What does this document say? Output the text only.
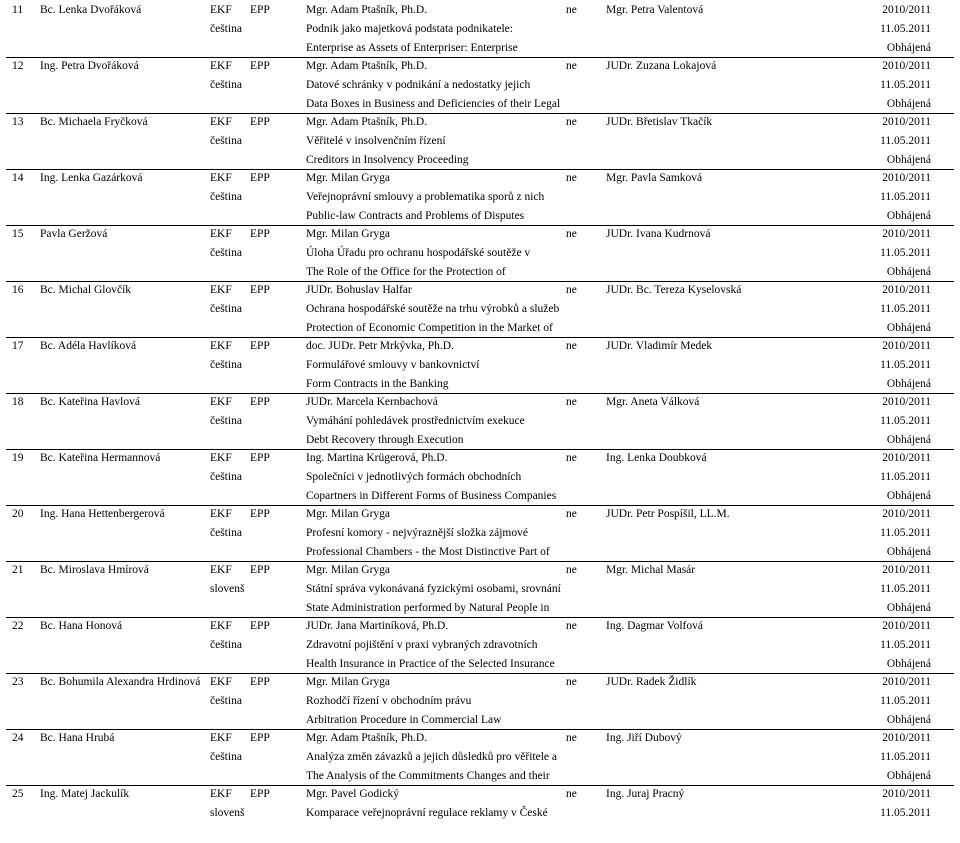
11 Bc. Lenka Dvořáková	EKF EPP	Mgr. Adam Ptašník, Ph.D.	ne	Mgr. Petra Valentová	2010/2011
čeština	Podnik jako majetková podstata podnikatele:	11.05.2011
Enterprise as Assets of Enterpriser: Enterprise	Obhájená
12 Ing. Petra Dvořáková	EKF EPP	Mgr. Adam Ptašník, Ph.D.	ne	JUDr. Zuzana Lokajová	2010/2011
čeština	Datové schránky v podnikání a nedostatky jejich	11.05.2011
Data Boxes in Business and Deficiencies of their Legal	Obhájená
13 Bc. Michaela Fryčková	EKF EPP	Mgr. Adam Ptašník, Ph.D.	ne	JUDr. Břetislav Tkačík	2010/2011
čeština	Věřitelé v insolvenčním řízení	11.05.2011
Creditors in Insolvency Proceeding	Obhájená
14 Ing. Lenka Gazárková	EKF EPP	Mgr. Milan Gryga	ne	Mgr. Pavla Samková	2010/2011
čeština	Veřejnoprávní smlouvy a problematika sporů z nich	11.05.2011
Public-law Contracts and Problems of Disputes	Obhájená
15 Pavla Geržová	EKF EPP	Mgr. Milan Gryga	ne	JUDr. Ivana Kudrnová	2010/2011
čeština	Úloha Úřadu pro ochranu hospodářské soutěže v	11.05.2011
The Role of the Office for the Protection of	Obhájená
16 Bc. Michal Glovčík	EKF EPP	JUDr. Bohuslav Halfar	ne	JUDr. Bc. Tereza Kyselovská	2010/2011
čeština	Ochrana hospodářské soutěže na trhu výrobků a služeb	11.05.2011
Protection of Economic Competition in the Market of	Obhájená
17 Bc. Adéla Havlíková	EKF EPP	doc. JUDr. Petr Mrkývka, Ph.D.	ne	JUDr. Vladimír Medek	2010/2011
čeština	Formulářové smlouvy v bankovnictví	11.05.2011
Form Contracts in the Banking	Obhájená
18 Bc. Kateřina Havlová	EKF EPP	JUDr. Marcela Kernbachová	ne	Mgr. Aneta Válková	2010/2011
čeština	Vymáhání pohledávek prostřednictvím exekuce	11.05.2011
Debt Recovery through Execution	Obhájená
19 Bc. Kateřina Hermannová	EKF EPP	Ing. Martina Krügerová, Ph.D.	ne	Ing. Lenka Doubková	2010/2011
čeština	Společníci v jednotlivých formách obchodních	11.05.2011
Copartners in Different Forms of Business Companies	Obhájená
20 Ing. Hana Hettenbergerová	EKF EPP	Mgr. Milan Gryga	ne	JUDr. Petr Pospíšil, LL.M.	2010/2011
čeština	Profesní komory - nejvýraznější složka zájmové	11.05.2011
Professional Chambers - the Most Distinctive Part of	Obhájená
21 Bc. Miroslava Hmírová	EKF EPP	Mgr. Milan Gryga	ne	Mgr. Michal Masár	2010/2011
slovenš	Státní správa vykonávaná fyzickými osobami, srovnání	11.05.2011
State Administration performed by Natural People in	Obhájená
22 Bc. Hana Honová	EKF EPP	JUDr. Jana Martiníková, Ph.D.	ne	Ing. Dagmar Volfová	2010/2011
čeština	Zdravotní pojištění v praxi vybraných zdravotních	11.05.2011
Health Insurance in Practice of the Selected Insurance	Obhájená
23 Bc. Bohumila Alexandra Hrdinová EKF EPP	Mgr. Milan Gryga	ne	JUDr. Radek Židlík	2010/2011
čeština	Rozhodčí řízení v obchodním právu	11.05.2011
Arbitration Procedure in Commercial Law	Obhájená
24 Bc. Hana Hrubá	EKF EPP	Mgr. Adam Ptašník, Ph.D.	ne	Ing. Jiří Dubový	2010/2011
čeština	Analýza změn závazků a jejich důsledků pro věřitele a	11.05.2011
The Analysis of the Commitments Changes and their	Obhájená
25 Ing. Matej Jackulík	EKF EPP	Mgr. Pavel Godický	ne	Ing. Juraj Pracný	2010/2011
slovenš	Komparace veřejnoprávní regulace reklamy v České	11.05.2011
